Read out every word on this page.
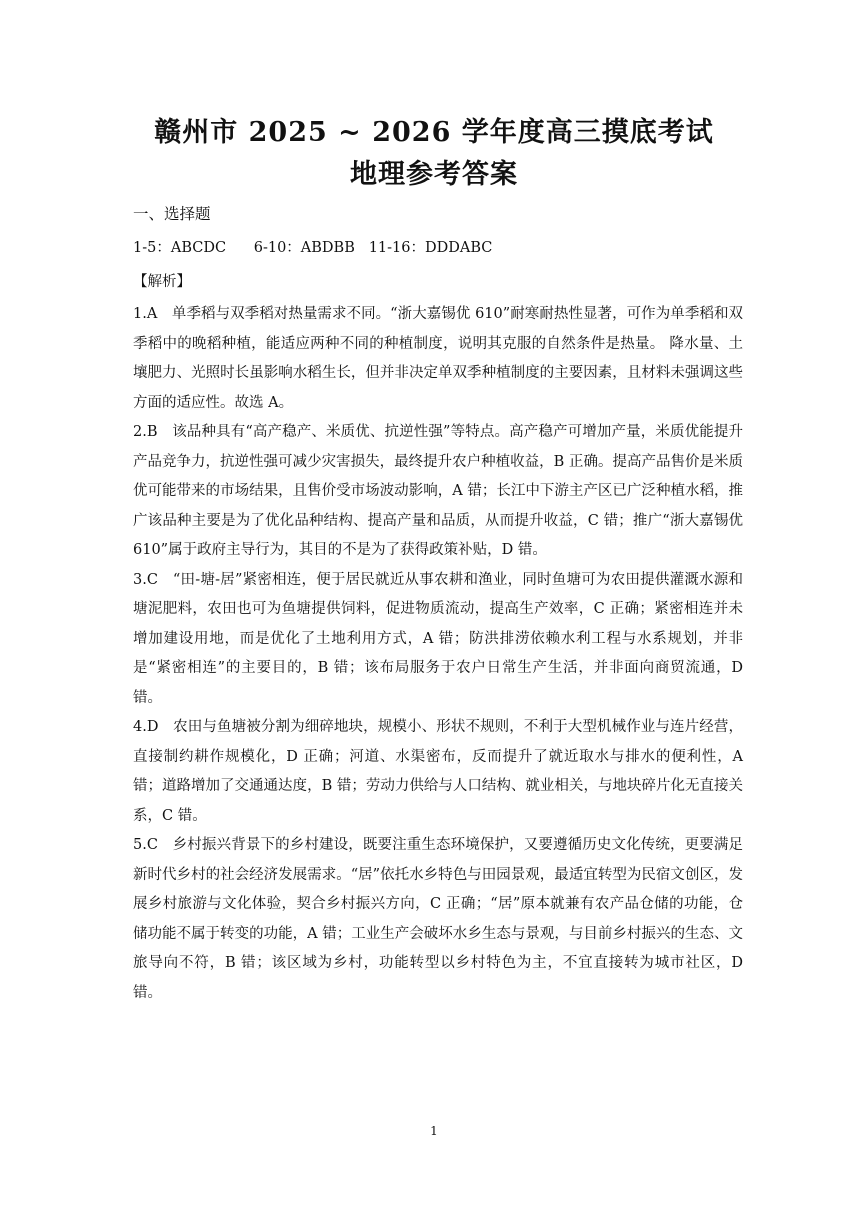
赣州市 2025 ~ 2026 学年度高三摸底考试
地理参考答案
一、选择题
1-5：ABCDC 6-10：ABDBB 11-16：DDDABC
【解析】

1.A　单季稻与双季稻对热量需求不同。“浙大嘉锡优 610”耐寒耐热性显著，可作为单季稻和双季稻中的晚稻种植，能适应两种不同的种植制度，说明其克服的自然条件是热量。 降水量、土壤肥力、光照时长虽影响水稻生长，但并非决定单双季种植制度的主要因素，且材料未强调这些方面的适应性。故选 A。

2.B　该品种具有“高产稳产、米质优、抗逆性强”等特点。高产稳产可增加产量，米质优能提升产品竞争力，抗逆性强可减少灾害损失，最终提升农户种植收益，B 正确。提高产品售价是米质优可能带来的市场结果，且售价受市场波动影响，A 错；长江中下游主产区已广泛种植水稻，推广该品种主要是为了优化品种结构、提高产量和品质，从而提升收益，C 错；推广“浙大嘉锡优 610”属于政府主导行为，其目的不是为了获得政策补贴，D 错。

3.C　“田-塘-居”紧密相连，便于居民就近从事农耕和渔业，同时鱼塘可为农田提供灌溉水源和塘泥肥料，农田也可为鱼塘提供饲料，促进物质流动，提高生产效率，C 正确；紧密相连并未增加建设用地，而是优化了土地利用方式，A 错；防洪排涝依赖水利工程与水系规划，并非是“紧密相连”的主要目的，B 错；该布局服务于农户日常生产生活，并非面向商贸流通，D 错。

4.D　农田与鱼塘被分割为细碎地块，规模小、形状不规则，不利于大型机械作业与连片经营，直接制约耕作规模化，D 正确；河道、水渠密布，反而提升了就近取水与排水的便利性，A 错；道路增加了交通通达度，B 错；劳动力供给与人口结构、就业相关，与地块碎片化无直接关系，C 错。

5.C　乡村振兴背景下的乡村建设，既要注重生态环境保护，又要遵循历史文化传统，更要满足新时代乡村的社会经济发展需求。“居”依托水乡特色与田园景观，最适宜转型为民宿文创区，发展乡村旅游与文化体验，契合乡村振兴方向，C 正确；“居”原本就兼有农产品仓储的功能，仓储功能不属于转变的功能，A 错；工业生产会破坏水乡生态与景观，与目前乡村振兴的生态、文旅导向不符，B 错；该区域为乡村，功能转型以乡村特色为主，不宜直接转为城市社区，D 错。

1
